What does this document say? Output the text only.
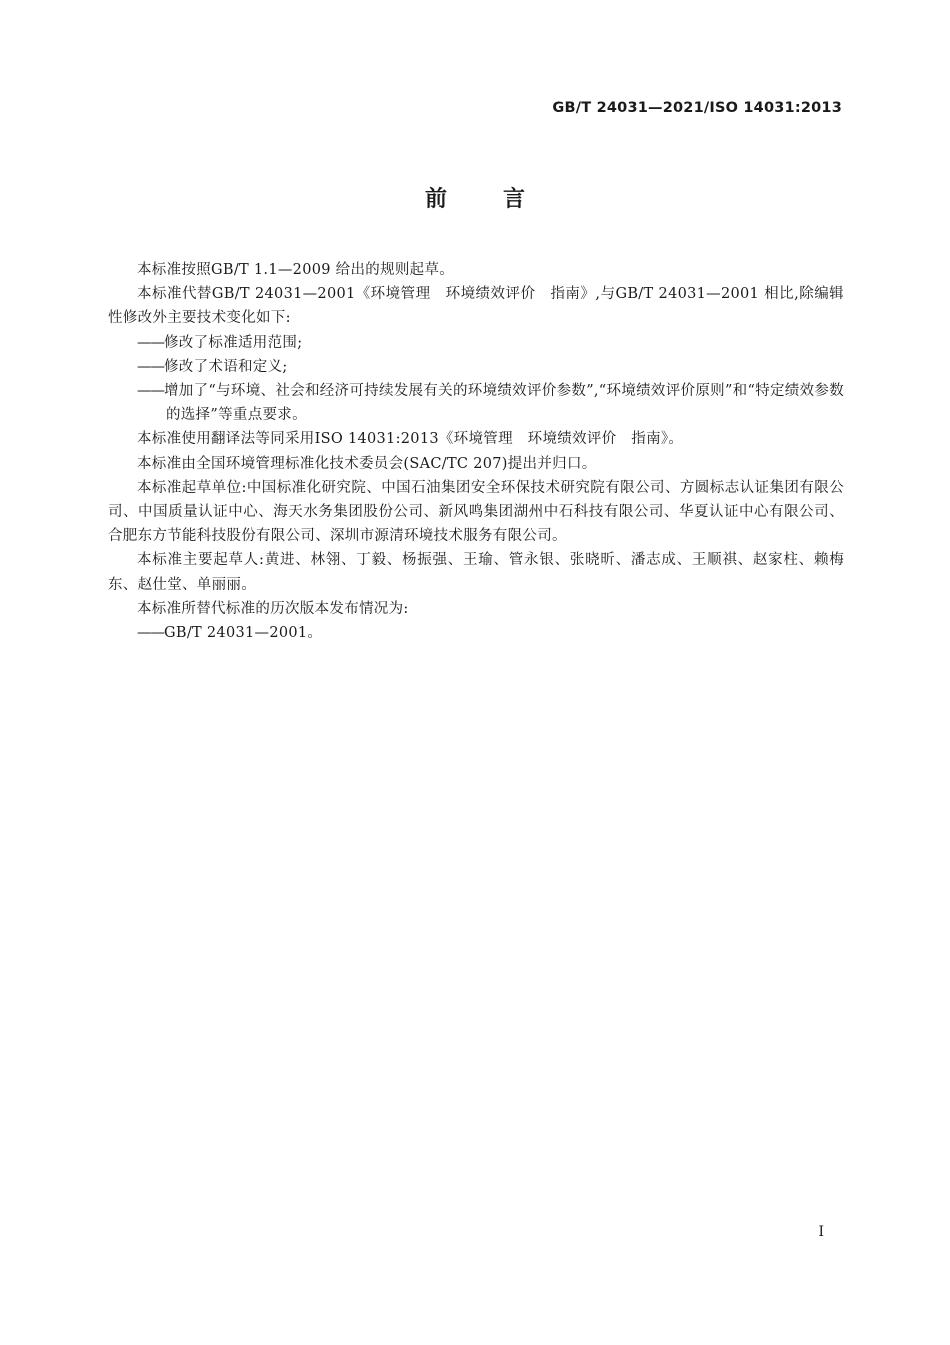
GB/T 24031—2021/ISO 14031:2013
前	言

本标准按照GB/T 1.1—2009 给出的规则起草。

本标准代替GB/T 24031—2001《环境管理　环境绩效评价　指南》,与GB/T 24031—2001 相比,除编辑性修改外主要技术变化如下:

——修改了标准适用范围;

——修改了术语和定义;

——增加了“与环境、社会和经济可持续发展有关的环境绩效评价参数”,“环境绩效评价原则”和“特定绩效参数的选择”等重点要求。

本标准使用翻译法等同采用ISO 14031:2013《环境管理　环境绩效评价　指南》。

本标准由全国环境管理标准化技术委员会(SAC/TC 207)提出并归口。

本标准起草单位:中国标准化研究院、中国石油集团安全环保技术研究院有限公司、方圆标志认证集团有限公司、中国质量认证中心、海天水务集团股份公司、新风鸣集团湖州中石科技有限公司、华夏认证中心有限公司、合肥东方节能科技股份有限公司、深圳市源清环境技术服务有限公司。

本标准主要起草人:黄进、林翎、丁毅、杨振强、王瑜、管永银、张晓昕、潘志成、王顺祺、赵家柱、赖梅东、赵仕堂、单丽丽。

本标准所替代标准的历次版本发布情况为:

——GB/T 24031—2001。

I
